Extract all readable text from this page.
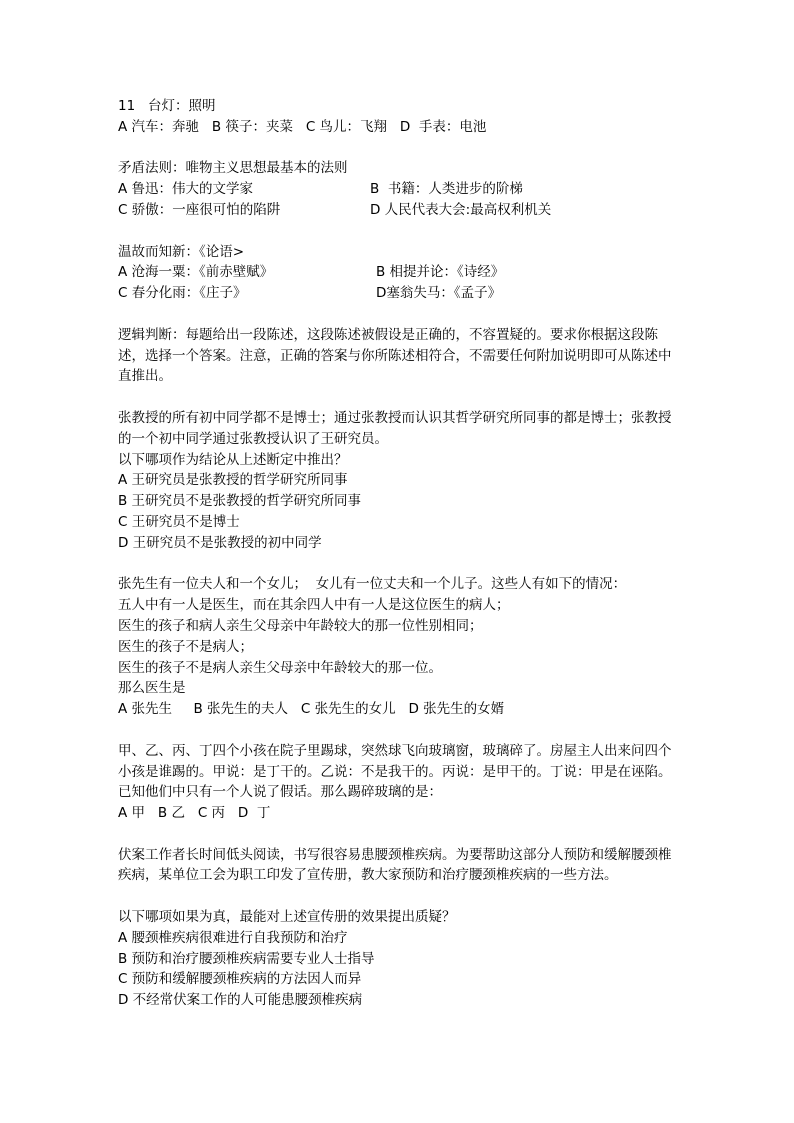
11   台灯：照明
A 汽车：奔驰   B 筷子：夹菜   C 鸟儿：飞翔   D  手表：电池
矛盾法则：唯物主义思想最基本的法则
A 鲁迅：伟大的文学家	B  书籍：人类进步的阶梯
C 骄傲：一座很可怕的陷阱	D 人民代表大会:最高权利机关
温故而知新：《论语>
A 沧海一粟：《前赤壁赋》	B 相提并论：《诗经》
C 春分化雨：《庄子》	D塞翁失马：《孟子》
逻辑判断：每题给出一段陈述，这段陈述被假设是正确的，不容置疑的。要求你根据这段陈述，选择一个答案。注意，正确的答案与你所陈述相符合，不需要任何附加说明即可从陈述中直推出。
张教授的所有初中同学都不是博士；通过张教授而认识其哲学研究所同事的都是博士；张教授的一个初中同学通过张教授认识了王研究员。
以下哪项作为结论从上述断定中推出？
A 王研究员是张教授的哲学研究所同事
B 王研究员不是张教授的哲学研究所同事
C 王研究员不是博士
D 王研究员不是张教授的初中同学
张先生有一位夫人和一个女儿；  女儿有一位丈夫和一个儿子。这些人有如下的情况：
五人中有一人是医生，而在其余四人中有一人是这位医生的病人；
医生的孩子和病人亲生父母亲中年龄较大的那一位性别相同；
医生的孩子不是病人；
医生的孩子不是病人亲生父母亲中年龄较大的那一位。
那么医生是
A 张先生     B 张先生的夫人   C 张先生的女儿   D 张先生的女婿
甲、乙、丙、丁四个小孩在院子里踢球，突然球飞向玻璃窗，玻璃碎了。房屋主人出来问四个小孩是谁踢的。甲说：是丁干的。乙说：不是我干的。丙说：是甲干的。丁说：甲是在诬陷。已知他们中只有一个人说了假话。那么踢碎玻璃的是：
A 甲   B 乙   C 丙   D  丁
伏案工作者长时间低头阅读，书写很容易患腰颈椎疾病。为要帮助这部分人预防和缓解腰颈椎疾病，某单位工会为职工印发了宣传册，教大家预防和治疗腰颈椎疾病的一些方法。
以下哪项如果为真，最能对上述宣传册的效果提出质疑？
A 腰颈椎疾病很难进行自我预防和治疗
B 预防和治疗腰颈椎疾病需要专业人士指导
C 预防和缓解腰颈椎疾病的方法因人而异
D 不经常伏案工作的人可能患腰颈椎疾病
